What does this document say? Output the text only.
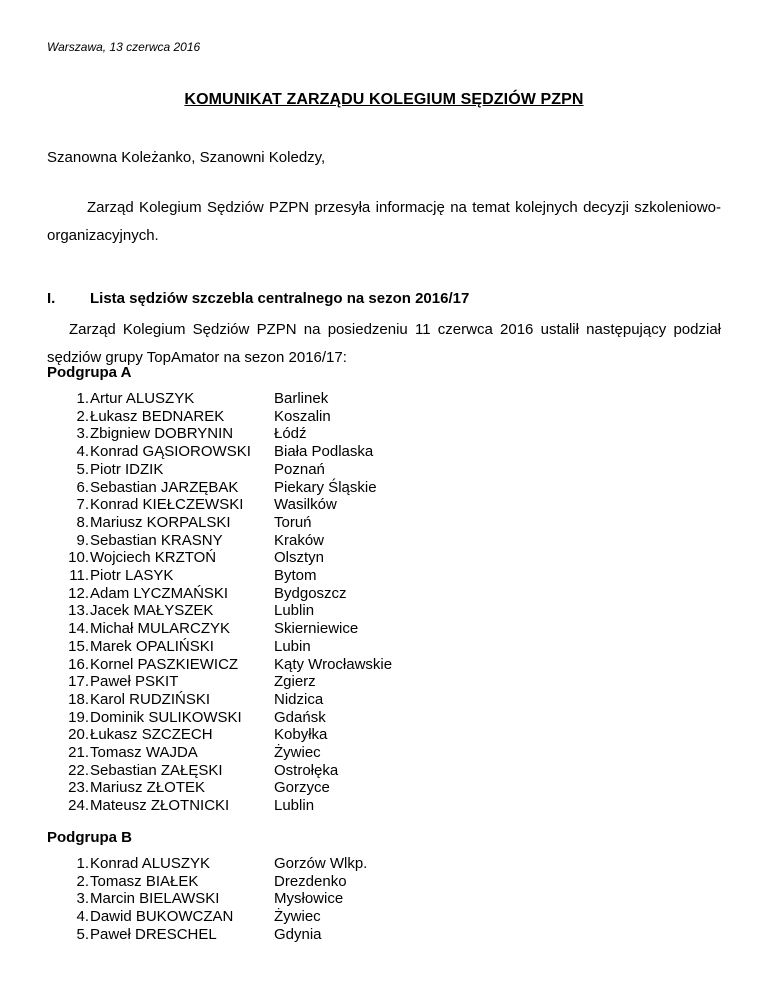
Warszawa, 13 czerwca 2016
KOMUNIKAT ZARZĄDU KOLEGIUM SĘDZIÓW PZPN
Szanowna Koleżanko, Szanowni Koledzy,

Zarząd Kolegium Sędziów PZPN przesyła informację na temat kolejnych decyzji szkoleniowo-organizacyjnych.

I. Lista sędziów szczebla centralnego na sezon 2016/17

Zarząd Kolegium Sędziów PZPN na posiedzeniu 11 czerwca 2016 ustalił następujący podział sędziów grupy TopAmator na sezon 2016/17:

Podgrupa A
1. Artur ALUSZYK	Barlinek
2. Łukasz BEDNAREK	Koszalin
3. Zbigniew DOBRYNIN	Łódź
4. Konrad GĄSIOROWSKI	Biała Podlaska
5. Piotr IDZIK	Poznań
6. Sebastian JARZĘBAK	Piekary Śląskie
7. Konrad KIEŁCZEWSKI	Wasilków
8. Mariusz KORPALSKI	Toruń
9. Sebastian KRASNY	Kraków
10. Wojciech KRZTOŃ	Olsztyn
11. Piotr LASYK	Bytom
12. Adam LYCZMAŃSKI	Bydgoszcz
13. Jacek MAŁYSZEK	Lublin
14. Michał MULARCZYK	Skierniewice
15. Marek OPALIŃSKI	Lubin
16. Kornel PASZKIEWICZ	Kąty Wrocławskie
17. Paweł PSKIT	Zgierz
18. Karol RUDZIŃSKI	Nidzica
19. Dominik SULIKOWSKI	Gdańsk
20. Łukasz SZCZECH	Kobyłka
21. Tomasz WAJDA	Żywiec
22. Sebastian ZAŁĘSKI	Ostrołęka
23. Mariusz ZŁOTEK	Gorzyce
24. Mateusz ZŁOTNICKI	Lublin
Podgrupa B
1. Konrad ALUSZYK	Gorzów Wlkp.
2. Tomasz BIAŁEK	Drezdenko
3. Marcin BIELAWSKI	Mysłowice
4. Dawid BUKOWCZAN	Żywiec
5. Paweł DRESCHEL	Gdynia
